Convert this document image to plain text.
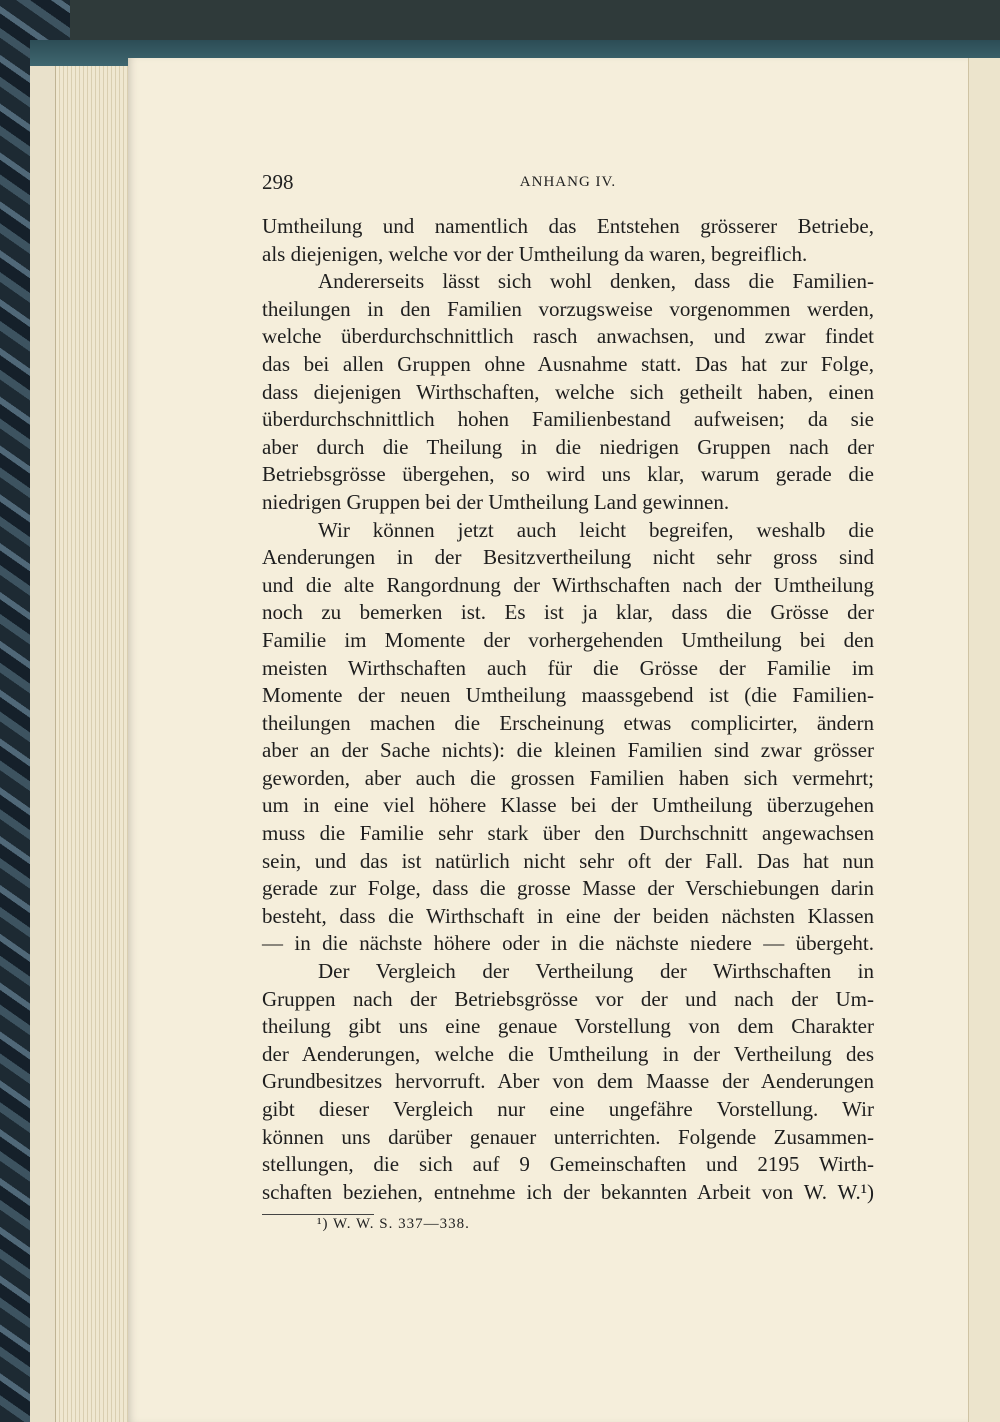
298	ANHANG IV.
Umtheilung und namentlich das Entstehen grösserer Betriebe,
als diejenigen, welche vor der Umtheilung da waren, begreiflich.
Andererseits lässt sich wohl denken, dass die Familien-
theilungen in den Familien vorzugsweise vorgenommen werden,
welche überdurchschnittlich rasch anwachsen, und zwar findet
das bei allen Gruppen ohne Ausnahme statt. Das hat zur Folge,
dass diejenigen Wirthschaften, welche sich getheilt haben, einen
überdurchschnittlich hohen Familienbestand aufweisen; da sie
aber durch die Theilung in die niedrigen Gruppen nach der
Betriebsgrösse übergehen, so wird uns klar, warum gerade die
niedrigen Gruppen bei der Umtheilung Land gewinnen.
Wir können jetzt auch leicht begreifen, weshalb die
Aenderungen in der Besitzvertheilung nicht sehr gross sind
und die alte Rangordnung der Wirthschaften nach der Umtheilung
noch zu bemerken ist. Es ist ja klar, dass die Grösse der
Familie im Momente der vorhergehenden Umtheilung bei den
meisten Wirthschaften auch für die Grösse der Familie im
Momente der neuen Umtheilung maassgebend ist (die Familien-
theilungen machen die Erscheinung etwas complicirter, ändern
aber an der Sache nichts): die kleinen Familien sind zwar grösser
geworden, aber auch die grossen Familien haben sich vermehrt;
um in eine viel höhere Klasse bei der Umtheilung überzugehen
muss die Familie sehr stark über den Durchschnitt angewachsen
sein, und das ist natürlich nicht sehr oft der Fall. Das hat nun
gerade zur Folge, dass die grosse Masse der Verschiebungen darin
besteht, dass die Wirthschaft in eine der beiden nächsten Klassen
— in die nächste höhere oder in die nächste niedere — übergeht.
Der Vergleich der Vertheilung der Wirthschaften in
Gruppen nach der Betriebsgrösse vor der und nach der Um-
theilung gibt uns eine genaue Vorstellung von dem Charakter
der Aenderungen, welche die Umtheilung in der Vertheilung des
Grundbesitzes hervorruft. Aber von dem Maasse der Aenderungen
gibt dieser Vergleich nur eine ungefähre Vorstellung. Wir
können uns darüber genauer unterrichten. Folgende Zusammen-
stellungen, die sich auf 9 Gemeinschaften und 2195 Wirth-
schaften beziehen, entnehme ich der bekannten Arbeit von W. W.¹)
¹) W. W. S. 337—338.
